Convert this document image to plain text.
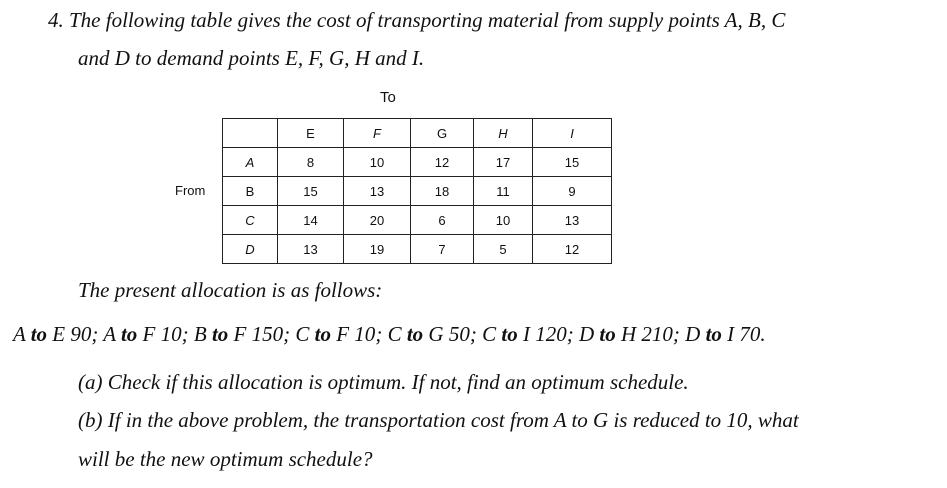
4. The following table gives the cost of transporting material from supply points A, B, C
and D to demand points E, F, G, H and I.
To
From
	E	F	G	H	I
A	8	10	12	17	15
B	15	13	18	11	9
C	14	20	6	10	13
D	13	19	7	5	12
The present allocation is as follows:
A to E 90; A to F 10; B to F 150; C to F 10; C to G 50; C to I 120; D to H 210; D to I 70.
(a) Check if this allocation is optimum. If not, find an optimum schedule.
(b) If in the above problem, the transportation cost from A to G is reduced to 10, what
will be the new optimum schedule?
